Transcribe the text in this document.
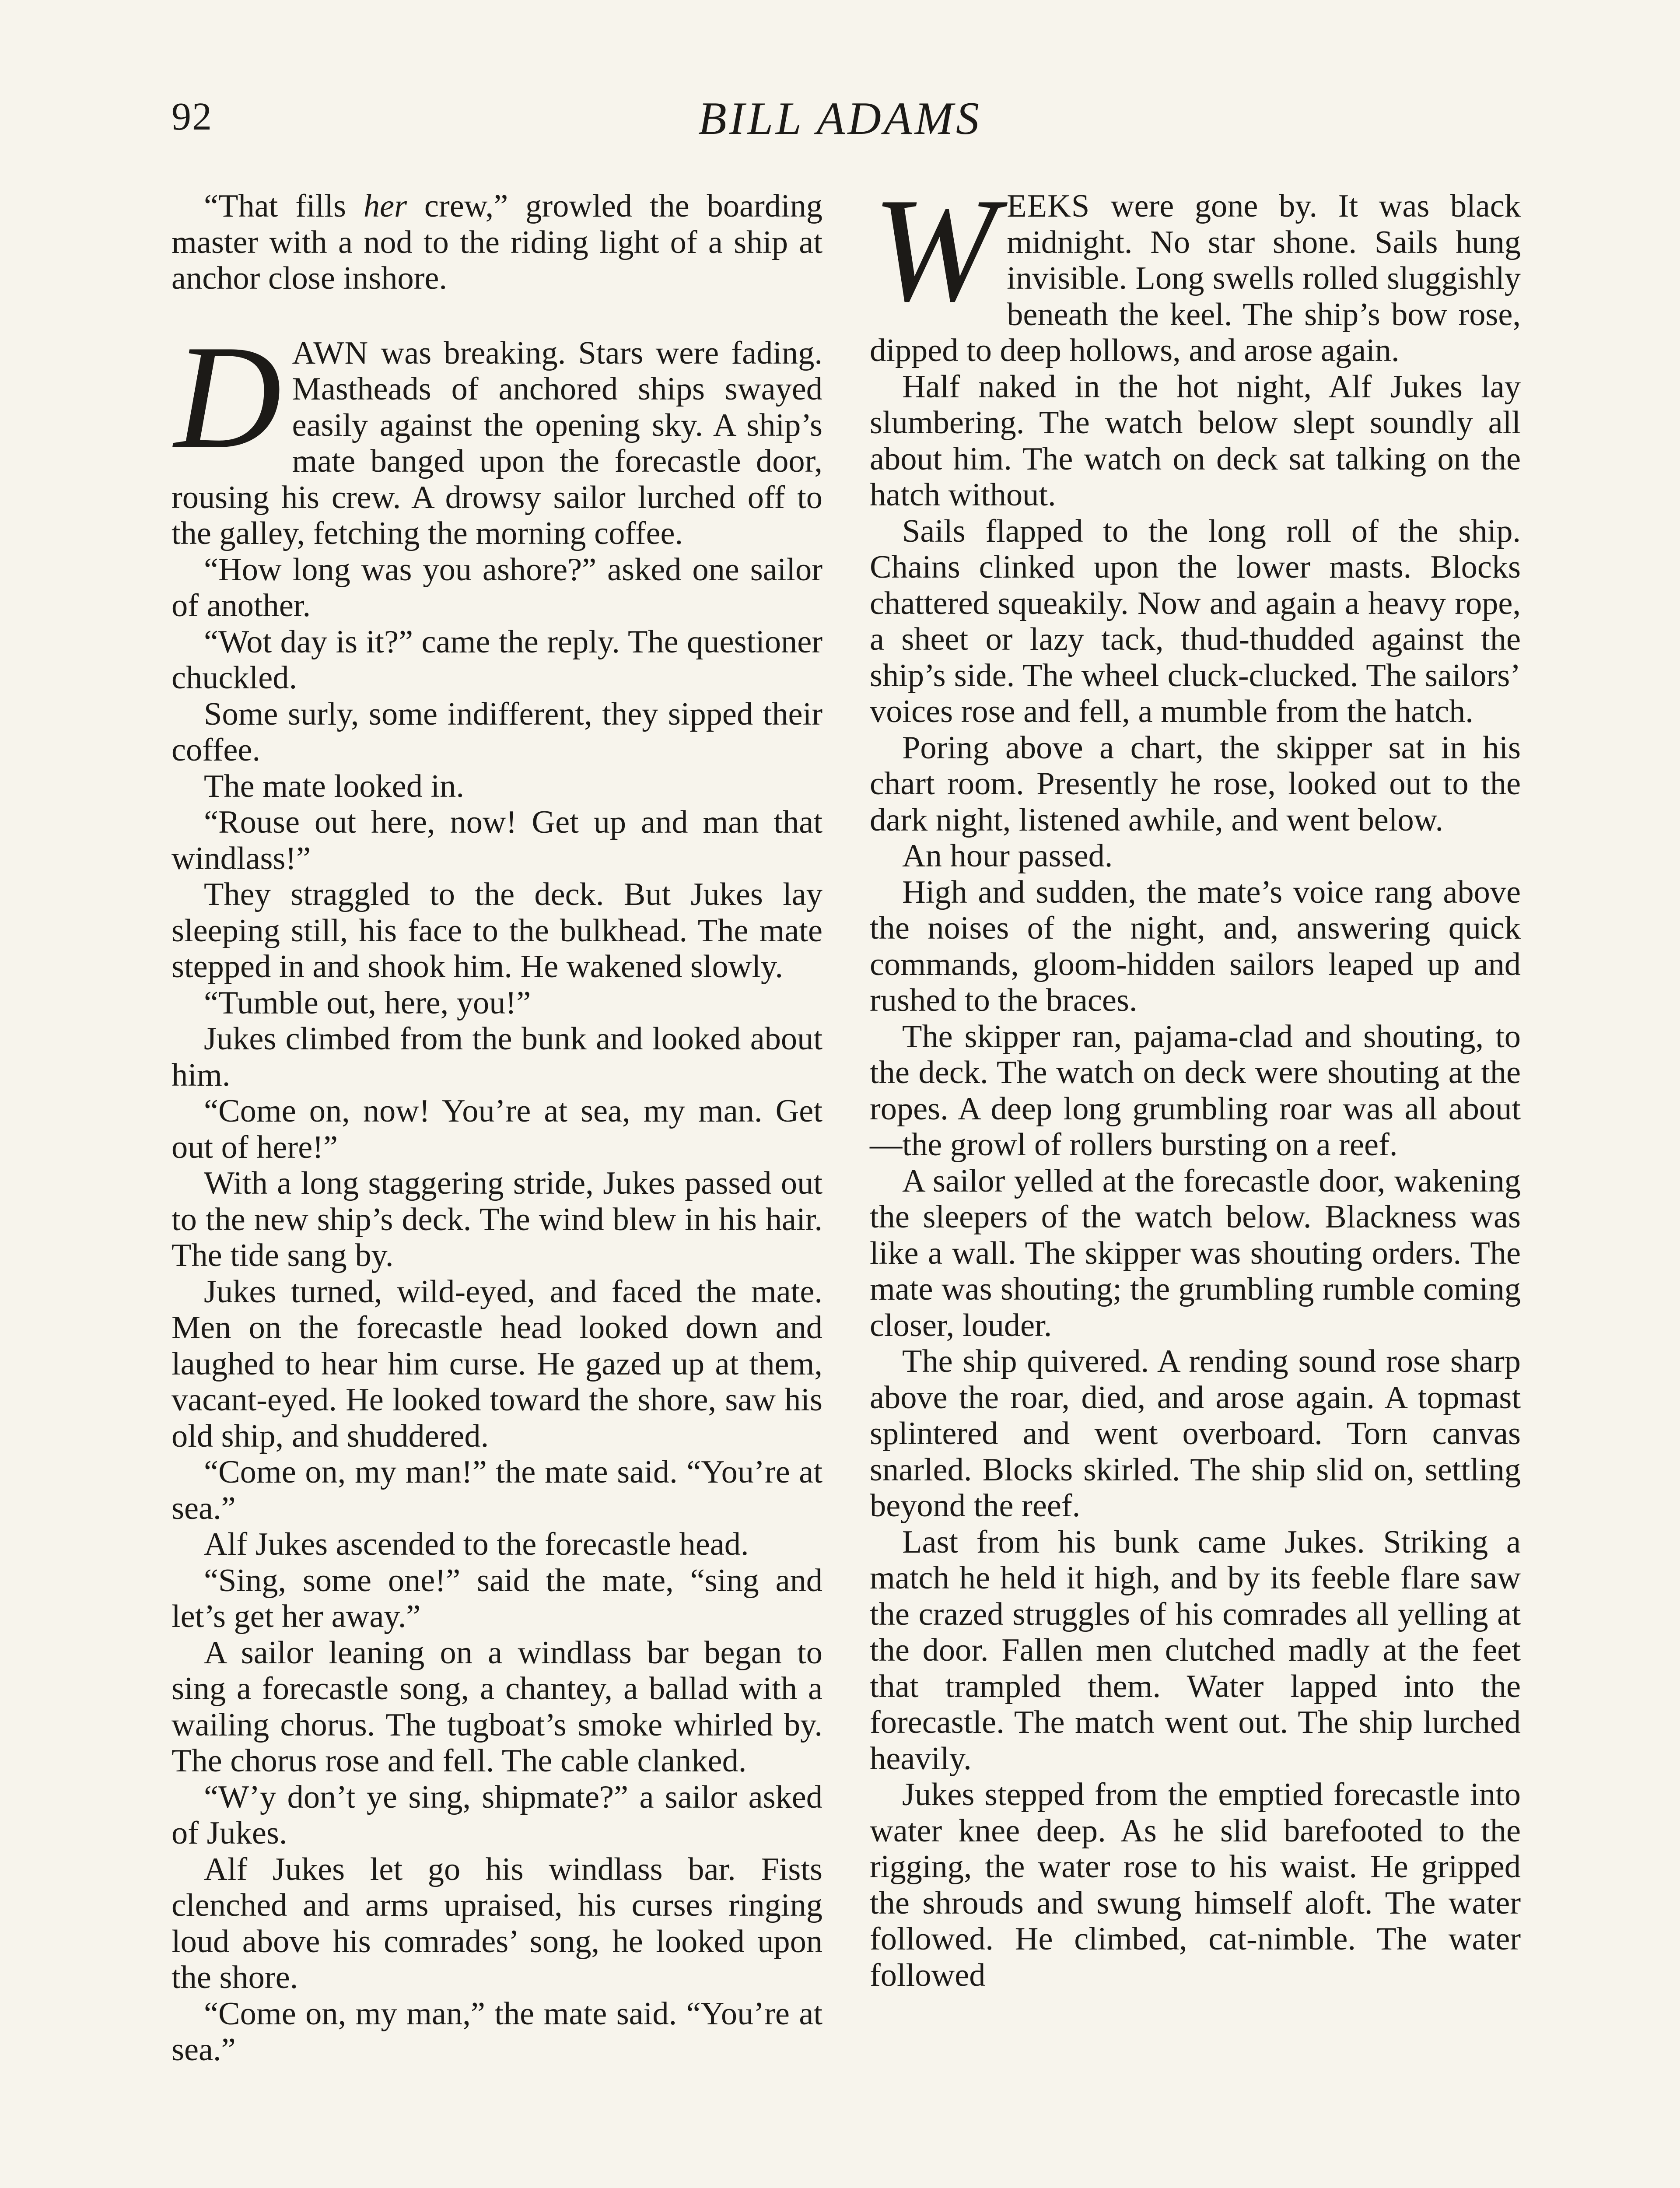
92	BILL ADAMS

“That fills her crew,” growled the boarding master with a nod to the riding light of a ship at anchor close inshore.

DAWN was breaking. Stars were fading. Mastheads of anchored ships swayed easily against the opening sky. A ship’s mate banged upon the forecastle door, rousing his crew. A drowsy sailor lurched off to the galley, fetching the morning coffee.

“How long was you ashore?” asked one sailor of another.

“Wot day is it?” came the reply. The questioner chuckled.

Some surly, some indifferent, they sipped their coffee.

The mate looked in.

“Rouse out here, now! Get up and man that windlass!”

They straggled to the deck. But Jukes lay sleeping still, his face to the bulkhead. The mate stepped in and shook him. He wakened slowly.

“Tumble out, here, you!”

Jukes climbed from the bunk and looked about him.

“Come on, now! You’re at sea, my man. Get out of here!”

With a long staggering stride, Jukes passed out to the new ship’s deck. The wind blew in his hair. The tide sang by.

Jukes turned, wild-eyed, and faced the mate. Men on the forecastle head looked down and laughed to hear him curse. He gazed up at them, vacant-eyed. He looked toward the shore, saw his old ship, and shuddered.

“Come on, my man!” the mate said. “You’re at sea.”

Alf Jukes ascended to the forecastle head.

“Sing, some one!” said the mate, “sing and let’s get her away.”

A sailor leaning on a windlass bar began to sing a forecastle song, a chantey, a ballad with a wailing chorus. The tugboat’s smoke whirled by. The chorus rose and fell. The cable clanked.

“W’y don’t ye sing, shipmate?” a sailor asked of Jukes.

Alf Jukes let go his windlass bar. Fists clenched and arms upraised, his curses ringing loud above his comrades’ song, he looked upon the shore.

“Come on, my man,” the mate said. “You’re at sea.”

WEEKS were gone by. It was black midnight. No star shone. Sails hung invisible. Long swells rolled sluggishly beneath the keel. The ship’s bow rose, dipped to deep hollows, and arose again.

Half naked in the hot night, Alf Jukes lay slumbering. The watch below slept soundly all about him. The watch on deck sat talking on the hatch without.

Sails flapped to the long roll of the ship. Chains clinked upon the lower masts. Blocks chattered squeakily. Now and again a heavy rope, a sheet or lazy tack, thud-thudded against the ship’s side. The wheel cluck-clucked. The sailors’ voices rose and fell, a mumble from the hatch.

Poring above a chart, the skipper sat in his chart room. Presently he rose, looked out to the dark night, listened awhile, and went below.

An hour passed.

High and sudden, the mate’s voice rang above the noises of the night, and, answering quick commands, gloom-hidden sailors leaped up and rushed to the braces.

The skipper ran, pajama-clad and shouting, to the deck. The watch on deck were shouting at the ropes. A deep long grumbling roar was all about—the growl of rollers bursting on a reef.

A sailor yelled at the forecastle door, wakening the sleepers of the watch below. Blackness was like a wall. The skipper was shouting orders. The mate was shouting; the grumbling rumble coming closer, louder.

The ship quivered. A rending sound rose sharp above the roar, died, and arose again. A topmast splintered and went overboard. Torn canvas snarled. Blocks skirled. The ship slid on, settling beyond the reef.

Last from his bunk came Jukes. Striking a match he held it high, and by its feeble flare saw the crazed struggles of his comrades all yelling at the door. Fallen men clutched madly at the feet that trampled them. Water lapped into the forecastle. The match went out. The ship lurched heavily.

Jukes stepped from the emptied forecastle into water knee deep. As he slid barefooted to the rigging, the water rose to his waist. He gripped the shrouds and swung himself aloft. The water followed. He climbed, cat-nimble. The water followed
